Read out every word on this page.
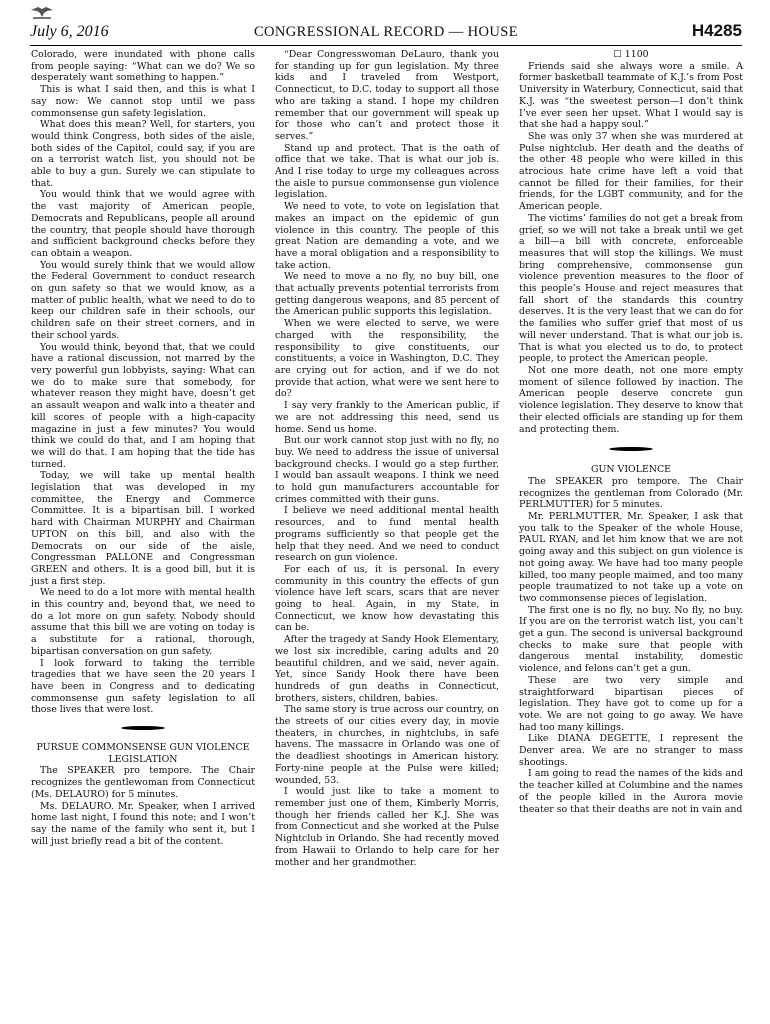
July 6, 2016	CONGRESSIONAL RECORD — HOUSE	H4285

Colorado, were inundated with phone calls from people saying: “What can we do? We so desperately want something to happen.”

This is what I said then, and this is what I say now: We cannot stop until we pass commonsense gun safety legislation.

What does this mean? Well, for starters, you would think Congress, both sides of the aisle, both sides of the Capitol, could say, if you are on a terrorist watch list, you should not be able to buy a gun. Surely we can stipulate to that.

You would think that we would agree with the vast majority of American people, Democrats and Republicans, people all around the country, that people should have thorough and sufficient background checks before they can obtain a weapon.

You would surely think that we would allow the Federal Government to conduct research on gun safety so that we would know, as a matter of public health, what we need to do to keep our children safe in their schools, our children safe on their street corners, and in their school yards.

You would think, beyond that, that we could have a rational discussion, not marred by the very powerful gun lobbyists, saying: What can we do to make sure that somebody, for whatever reason they might have, doesn’t get an assault weapon and walk into a theater and kill scores of people with a high-capacity magazine in just a few minutes? You would think we could do that, and I am hoping that we will do that. I am hoping that the tide has turned.

Today, we will take up mental health legislation that was developed in my committee, the Energy and Commerce Committee. It is a bipartisan bill. I worked hard with Chairman MURPHY and Chairman UPTON on this bill, and also with the Democrats on our side of the aisle, Congressman PALLONE and Congressman GREEN and others. It is a good bill, but it is just a first step.

We need to do a lot more with mental health in this country and, beyond that, we need to do a lot more on gun safety. Nobody should assume that this bill we are voting on today is a substitute for a rational, thorough, bipartisan conversation on gun safety.

I look forward to taking the terrible tragedies that we have seen the 20 years I have been in Congress and to dedicating commonsense gun safety legislation to all those lives that were lost.

PURSUE COMMONSENSE GUN VIOLENCE LEGISLATION

The SPEAKER pro tempore. The Chair recognizes the gentlewoman from Connecticut (Ms. DELAURO) for 5 minutes.

Ms. DELAURO. Mr. Speaker, when I arrived home last night, I found this note; and I won’t say the name of the family who sent it, but I will just briefly read a bit of the content.

“Dear Congresswoman DeLauro, thank you for standing up for gun legislation. My three kids and I traveled from Westport, Connecticut, to D.C. today to support all those who are taking a stand. I hope my children remember that our government will speak up for those who can’t and protect those it serves.”

Stand up and protect. That is the oath of office that we take. That is what our job is. And I rise today to urge my colleagues across the aisle to pursue commonsense gun violence legislation.

We need to vote, to vote on legislation that makes an impact on the epidemic of gun violence in this country. The people of this great Nation are demanding a vote, and we have a moral obligation and a responsibility to take action.

We need to move a no fly, no buy bill, one that actually prevents potential terrorists from getting dangerous weapons, and 85 percent of the American public supports this legislation.

When we were elected to serve, we were charged with the responsibility, the responsibility to give constituents, our constituents, a voice in Washington, D.C. They are crying out for action, and if we do not provide that action, what were we sent here to do?

I say very frankly to the American public, if we are not addressing this need, send us home. Send us home.

But our work cannot stop just with no fly, no buy. We need to address the issue of universal background checks. I would go a step further. I would ban assault weapons. I think we need to hold gun manufacturers accountable for crimes committed with their guns.

I believe we need additional mental health resources, and to fund mental health programs sufficiently so that people get the help that they need. And we need to conduct research on gun violence.

For each of us, it is personal. In every community in this country the effects of gun violence have left scars, scars that are never going to heal. Again, in my State, in Connecticut, we know how devastating this can be.

After the tragedy at Sandy Hook Elementary, we lost six incredible, caring adults and 20 beautiful children, and we said, never again. Yet, since Sandy Hook there have been hundreds of gun deaths in Connecticut, brothers, sisters, children, babies.

The same story is true across our country, on the streets of our cities every day, in movie theaters, in churches, in nightclubs, in safe havens. The massacre in Orlando was one of the deadliest shootings in American history. Forty-nine people at the Pulse were killed; wounded, 53.

I would just like to take a moment to remember just one of them, Kimberly Morris, though her friends called her K.J. She was from Connecticut and she worked at the Pulse Nightclub in Orlando. She had recently moved from Hawaii to Orlando to help care for her mother and her grandmother.

☐ 1100

Friends said she always wore a smile. A former basketball teammate of K.J.’s from Post University in Waterbury, Connecticut, said that K.J. was “the sweetest person—I don’t think I’ve ever seen her upset. What I would say is that she had a happy soul.”

She was only 37 when she was murdered at Pulse nightclub. Her death and the deaths of the other 48 people who were killed in this atrocious hate crime have left a void that cannot be filled for their families, for their friends, for the LGBT community, and for the American people.

The victims’ families do not get a break from grief, so we will not take a break until we get a bill—a bill with concrete, enforceable measures that will stop the killings. We must bring comprehensive, commonsense gun violence prevention measures to the floor of this people’s House and reject measures that fall short of the standards this country deserves. It is the very least that we can do for the families who suffer grief that most of us will never understand. That is what our job is. That is what you elected us to do, to protect people, to protect the American people.

Not one more death, not one more empty moment of silence followed by inaction. The American people deserve concrete gun violence legislation. They deserve to know that their elected officials are standing up for them and protecting them.

GUN VIOLENCE

The SPEAKER pro tempore. The Chair recognizes the gentleman from Colorado (Mr. PERLMUTTER) for 5 minutes.

Mr. PERLMUTTER. Mr. Speaker, I ask that you talk to the Speaker of the whole House, PAUL RYAN, and let him know that we are not going away and this subject on gun violence is not going away. We have had too many people killed, too many people maimed, and too many people traumatized to not take up a vote on two commonsense pieces of legislation.

The first one is no fly, no buy. No fly, no buy. If you are on the terrorist watch list, you can’t get a gun. The second is universal background checks to make sure that people with dangerous mental instability, domestic violence, and felons can’t get a gun.

These are two very simple and straightforward bipartisan pieces of legislation. They have got to come up for a vote. We are not going to go away. We have had too many killings.

Like DIANA DEGETTE, I represent the Denver area. We are no stranger to mass shootings.

I am going to read the names of the kids and the teacher killed at Columbine and the names of the people killed in the Aurora movie theater so that their deaths are not in vain and
